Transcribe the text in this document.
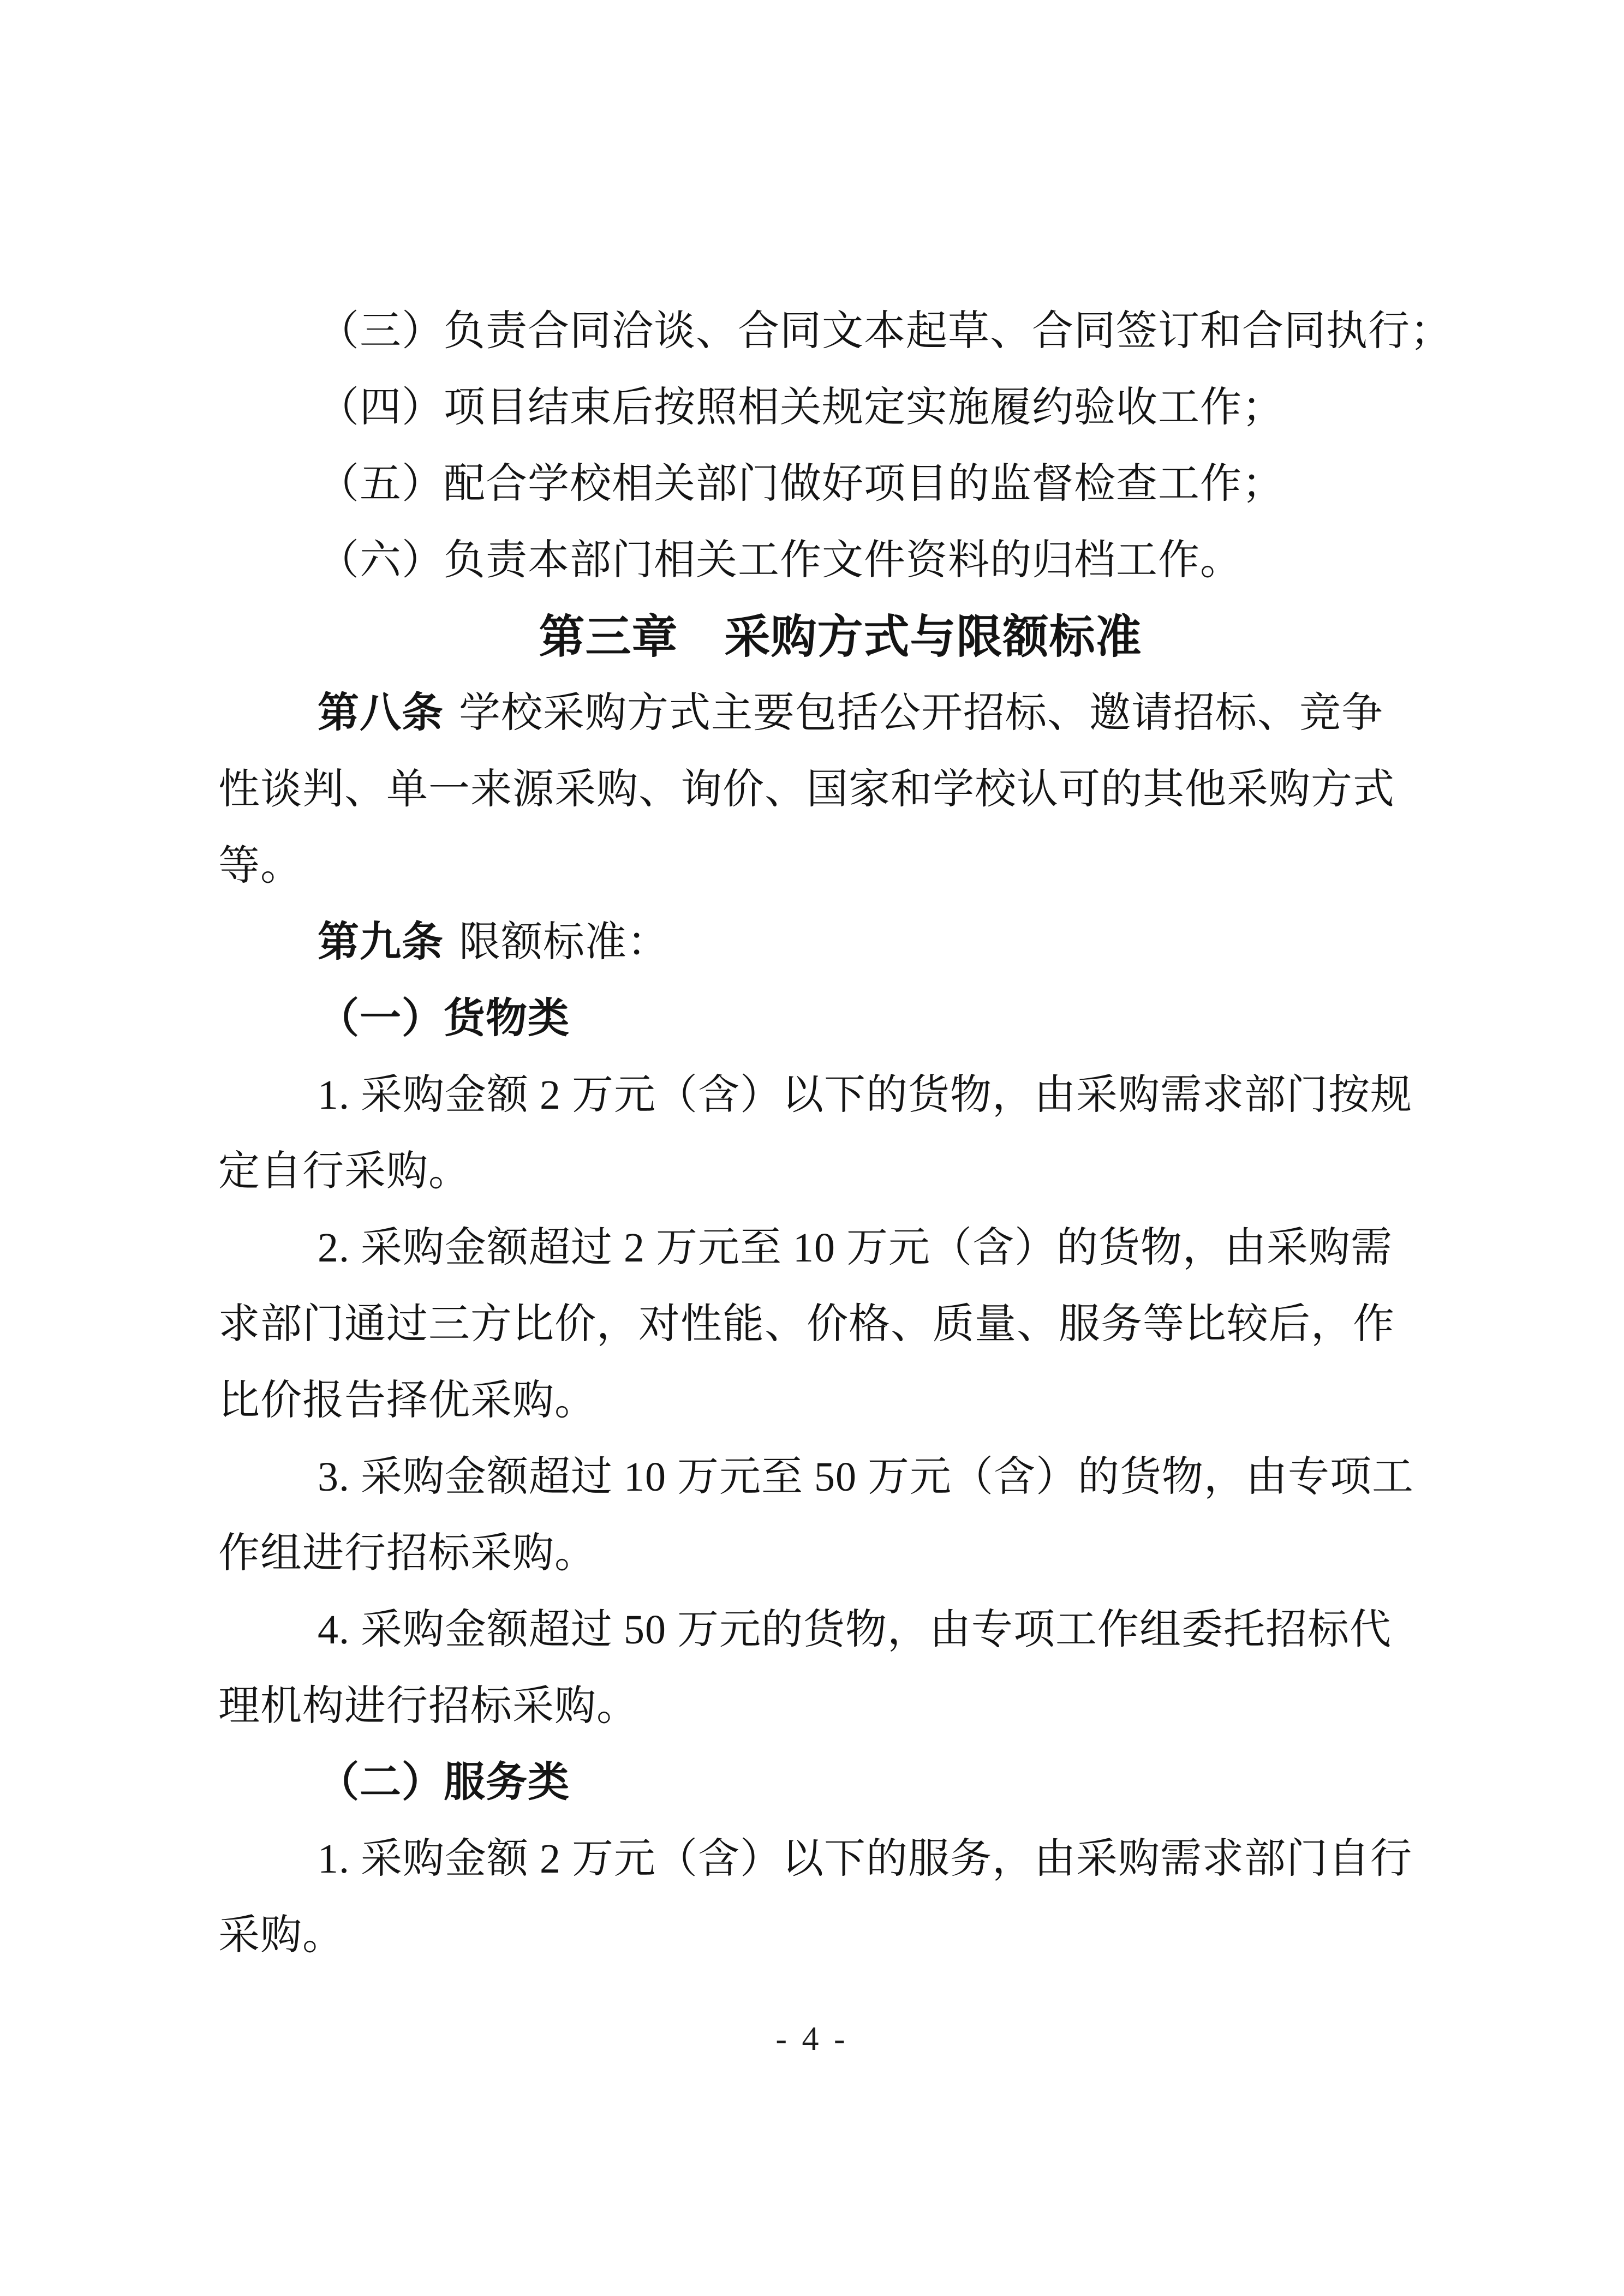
（三）负责合同洽谈、合同文本起草、合同签订和合同执行；
（四）项目结束后按照相关规定实施履约验收工作；
（五）配合学校相关部门做好项目的监督检查工作；
（六）负责本部门相关工作文件资料的归档工作。
第三章　采购方式与限额标准
第八条 学校采购方式主要包括公开招标、邀请招标、竞争
性谈判、单一来源采购、询价、国家和学校认可的其他采购方式
等。
第九条 限额标准：
（一）货物类
1. 采购金额 2 万元（含）以下的货物，由采购需求部门按规
定自行采购。
2. 采购金额超过 2 万元至 10 万元（含）的货物，由采购需
求部门通过三方比价，对性能、价格、质量、服务等比较后，作
比价报告择优采购。
3. 采购金额超过 10 万元至 50 万元（含）的货物，由专项工
作组进行招标采购。
4. 采购金额超过 50 万元的货物，由专项工作组委托招标代
理机构进行招标采购。
（二）服务类
1. 采购金额 2 万元（含）以下的服务，由采购需求部门自行
采购。
- 4 -
